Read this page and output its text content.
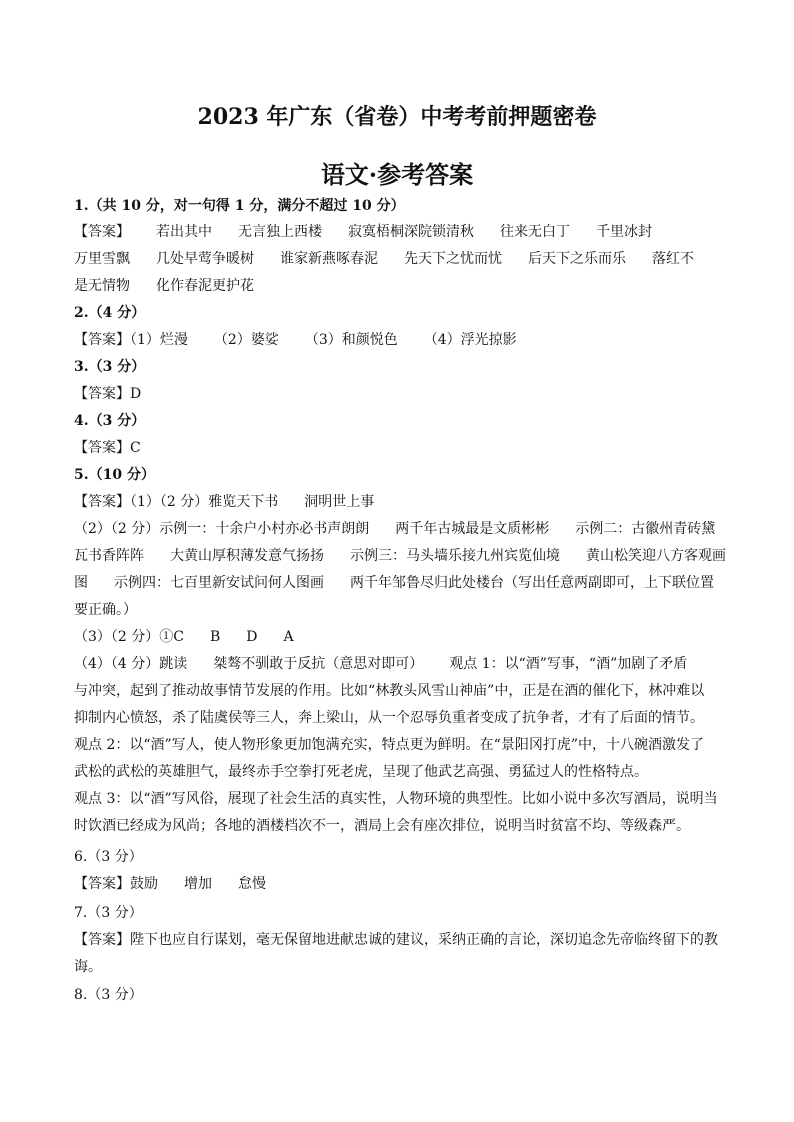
2023 年广东（省卷）中考考前押题密卷
语文·参考答案

1.（共 10 分，对一句得 1 分，满分不超过 10 分）

【答案】 若出其中 无言独上西楼 寂寞梧桐深院锁清秋 往来无白丁 千里冰封

万里雪飘 几处早莺争暖树 谁家新燕啄春泥 先天下之忧而忧 后天下之乐而乐 落红不

是无情物 化作春泥更护花

2.（4 分）

【答案】（1）烂漫 （2）婆娑 （3）和颜悦色 （4）浮光掠影

3.（3 分）

【答案】D

4.（3 分）

【答案】C

5.（10 分）

【答案】（1）（2 分）雅览天下书 洞明世上事

（2）（2 分）示例一：十余户小村亦必书声朗朗 两千年古城最是文质彬彬 示例二：古徽州青砖黛

瓦书香阵阵 大黄山厚积薄发意气扬扬 示例三：马头墙乐接九州宾览仙境 黄山松笑迎八方客观画

图 示例四：七百里新安试问何人图画 两千年邹鲁尽归此处楼台（写出任意两副即可，上下联位置

要正确。）

（3）（2 分）①C B D A

（4）（4 分）跳读 桀骜不驯敢于反抗（意思对即可） 观点 1：以“酒”写事，“酒”加剧了矛盾

与冲突，起到了推动故事情节发展的作用。比如“林教头风雪山神庙”中，正是在酒的催化下，林冲难以

抑制内心愤怒，杀了陆虞侯等三人，奔上梁山，从一个忍辱负重者变成了抗争者，才有了后面的情节。

观点 2：以“酒”写人，使人物形象更加饱满充实，特点更为鲜明。在“景阳冈打虎”中，十八碗酒激发了

武松的武松的英雄胆气，最终赤手空拳打死老虎，呈现了他武艺高强、勇猛过人的性格特点。

观点 3：以“酒”写风俗，展现了社会生活的真实性，人物环境的典型性。比如小说中多次写酒局，说明当

时饮酒已经成为风尚；各地的酒楼档次不一，酒局上会有座次排位，说明当时贫富不均、等级森严。

6.（3 分）

【答案】鼓励 增加 怠慢

7.（3 分）

【答案】陛下也应自行谋划，毫无保留地进献忠诚的建议，采纳正确的言论，深切追念先帝临终留下的教

诲。

8.（3 分）
